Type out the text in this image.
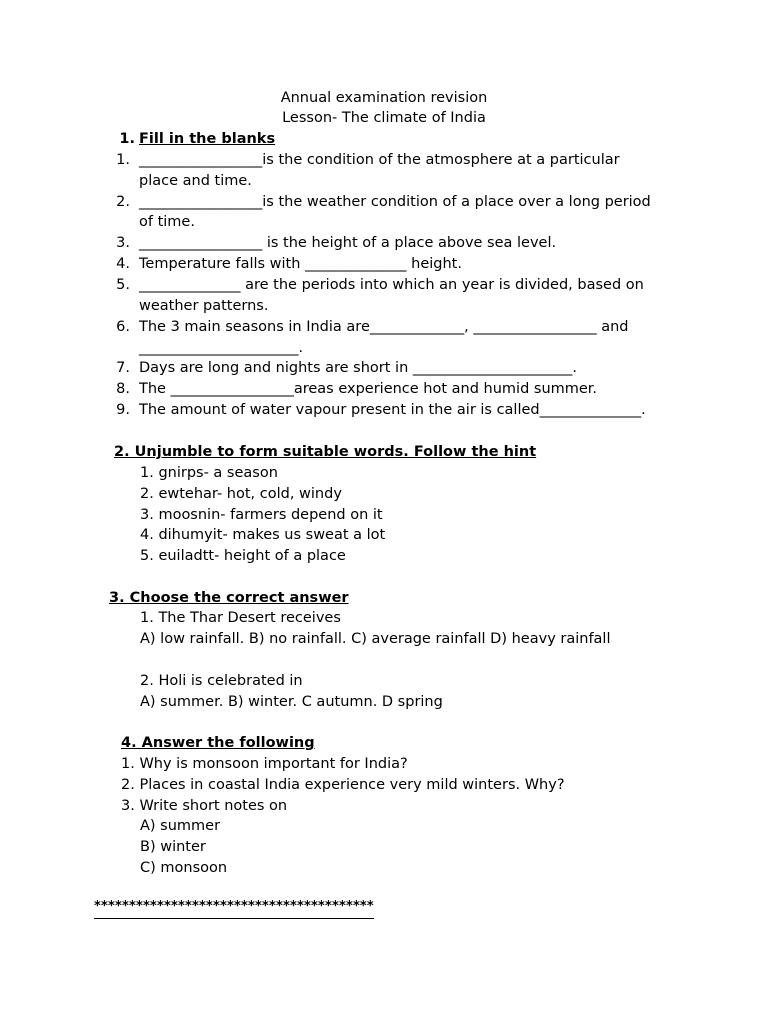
Annual examination revision
Lesson- The climate of India
1. Fill in the blanks
1. _________________is the condition of the atmosphere at a particular
place and time.
2. _________________is the weather condition of a place over a long period
of time.
3. _________________ is the height of a place above sea level.
4. Temperature falls with ______________ height.
5. ______________ are the periods into which an year is divided, based on
weather patterns.
6. The 3 main seasons in India are_____________, _________________ and
______________________.
7. Days are long and nights are short in ______________________.
8. The _________________areas experience hot and humid summer.
9. The amount of water vapour present in the air is called______________.
2. Unjumble to form suitable words. Follow the hint
1. gnirps- a season
2. ewtehar- hot, cold, windy
3. moosnin- farmers depend on it
4. dihumyit- makes us sweat a lot
5. euiladtt- height of a place
3. Choose the correct answer
1. The Thar Desert receives
A) low rainfall. B) no rainfall. C) average rainfall D) heavy rainfall
2. Holi is celebrated in
A) summer. B) winter. C autumn. D spring
4. Answer the following
1. Why is monsoon important for India?
2. Places in coastal India experience very mild winters. Why?
3. Write short notes on
A) summer
B) winter
C) monsoon
****************************************
